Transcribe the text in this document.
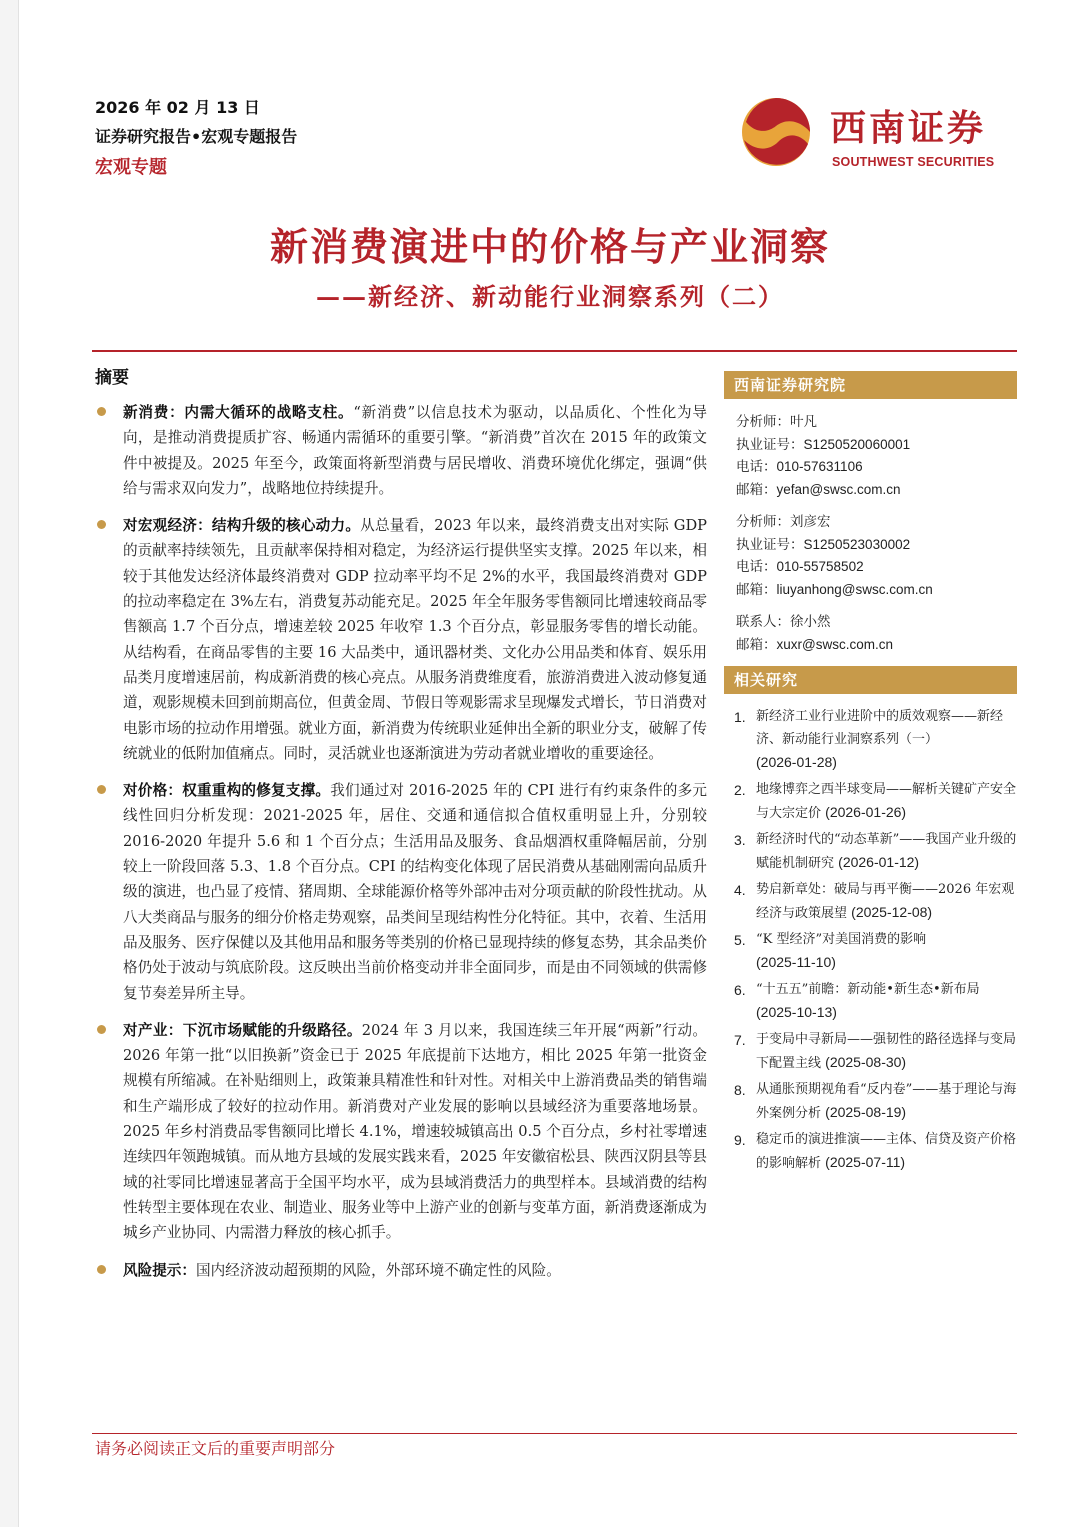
2026 年 02 月 13 日
证券研究报告•宏观专题报告
宏观专题
西南证券
SOUTHWEST SECURITIES
新消费演进中的价格与产业洞察
——新经济、新动能行业洞察系列（二）
摘要

新消费：内需大循环的战略支柱。“新消费”以信息技术为驱动，以品质化、个性化为导向，是推动消费提质扩容、畅通内需循环的重要引擎。“新消费”首次在 2015 年的政策文件中被提及。2025 年至今，政策面将新型消费与居民增收、消费环境优化绑定，强调“供给与需求双向发力”，战略地位持续提升。

对宏观经济：结构升级的核心动力。从总量看，2023 年以来，最终消费支出对实际 GDP 的贡献率持续领先，且贡献率保持相对稳定，为经济运行提供坚实支撑。2025 年以来，相较于其他发达经济体最终消费对 GDP 拉动率平均不足 2%的水平，我国最终消费对 GDP 的拉动率稳定在 3%左右，消费复苏动能充足。2025 年全年服务零售额同比增速较商品零售额高 1.7 个百分点，增速差较 2025 年收窄 1.3 个百分点，彰显服务零售的增长动能。从结构看，在商品零售的主要 16 大品类中，通讯器材类、文化办公用品类和体育、娱乐用品类月度增速居前，构成新消费的核心亮点。从服务消费维度看，旅游消费进入波动修复通道，观影规模未回到前期高位，但黄金周、节假日等观影需求呈现爆发式增长，节日消费对电影市场的拉动作用增强。就业方面，新消费为传统职业延伸出全新的职业分支，破解了传统就业的低附加值痛点。同时，灵活就业也逐渐演进为劳动者就业增收的重要途径。

对价格：权重重构的修复支撑。我们通过对 2016-2025 年的 CPI 进行有约束条件的多元线性回归分析发现：2021-2025 年，居住、交通和通信拟合值权重明显上升，分别较 2016-2020 年提升 5.6 和 1 个百分点；生活用品及服务、食品烟酒权重降幅居前，分别较上一阶段回落 5.3、1.8 个百分点。CPI 的结构变化体现了居民消费从基础刚需向品质升级的演进，也凸显了疫情、猪周期、全球能源价格等外部冲击对分项贡献的阶段性扰动。从八大类商品与服务的细分价格走势观察，品类间呈现结构性分化特征。其中，衣着、生活用品及服务、医疗保健以及其他用品和服务等类别的价格已显现持续的修复态势，其余品类价格仍处于波动与筑底阶段。这反映出当前价格变动并非全面同步，而是由不同领域的供需修复节奏差异所主导。

对产业：下沉市场赋能的升级路径。2024 年 3 月以来，我国连续三年开展“两新”行动。2026 年第一批“以旧换新”资金已于 2025 年底提前下达地方，相比 2025 年第一批资金规模有所缩减。在补贴细则上，政策兼具精准性和针对性。对相关中上游消费品类的销售端和生产端形成了较好的拉动作用。新消费对产业发展的影响以县域经济为重要落地场景。2025 年乡村消费品零售额同比增长 4.1%，增速较城镇高出 0.5 个百分点，乡村社零增速连续四年领跑城镇。而从地方县域的发展实践来看，2025 年安徽宿松县、陕西汉阴县等县域的社零同比增速显著高于全国平均水平，成为县域消费活力的典型样本。县域消费的结构性转型主要体现在农业、制造业、服务业等中上游产业的创新与变革方面，新消费逐渐成为城乡产业协同、内需潜力释放的核心抓手。

风险提示：国内经济波动超预期的风险，外部环境不确定性的风险。

西南证券研究院
分析师：叶凡
执业证号：S1250520060001
电话：010-57631106
邮箱：yefan@swsc.com.cn
分析师：刘彦宏
执业证号：S1250523030002
电话：010-55758502
邮箱：liuyanhong@swsc.com.cn
联系人：徐小然
邮箱：xuxr@swsc.com.cn
相关研究
1. 新经济工业行业进阶中的质效观察——新经济、新动能行业洞察系列（一）
(2026-01-28)
2. 地缘博弈之西半球变局——解析关键矿产安全与大宗定价 (2026-01-26)
3. 新经济时代的“动态革新”——我国产业升级的赋能机制研究 (2026-01-12)
4. 势启新章处：破局与再平衡——2026 年宏观经济与政策展望 (2025-12-08)
5. “K 型经济”对美国消费的影响
(2025-11-10)
6. “十五五”前瞻：新动能•新生态•新布局 (2025-10-13)
7. 于变局中寻新局——强韧性的路径选择与变局下配置主线 (2025-08-30)
8. 从通胀预期视角看“反内卷”——基于理论与海外案例分析 (2025-08-19)
9. 稳定币的演进推演——主体、信贷及资产价格的影响解析 (2025-07-11)
请务必阅读正文后的重要声明部分
